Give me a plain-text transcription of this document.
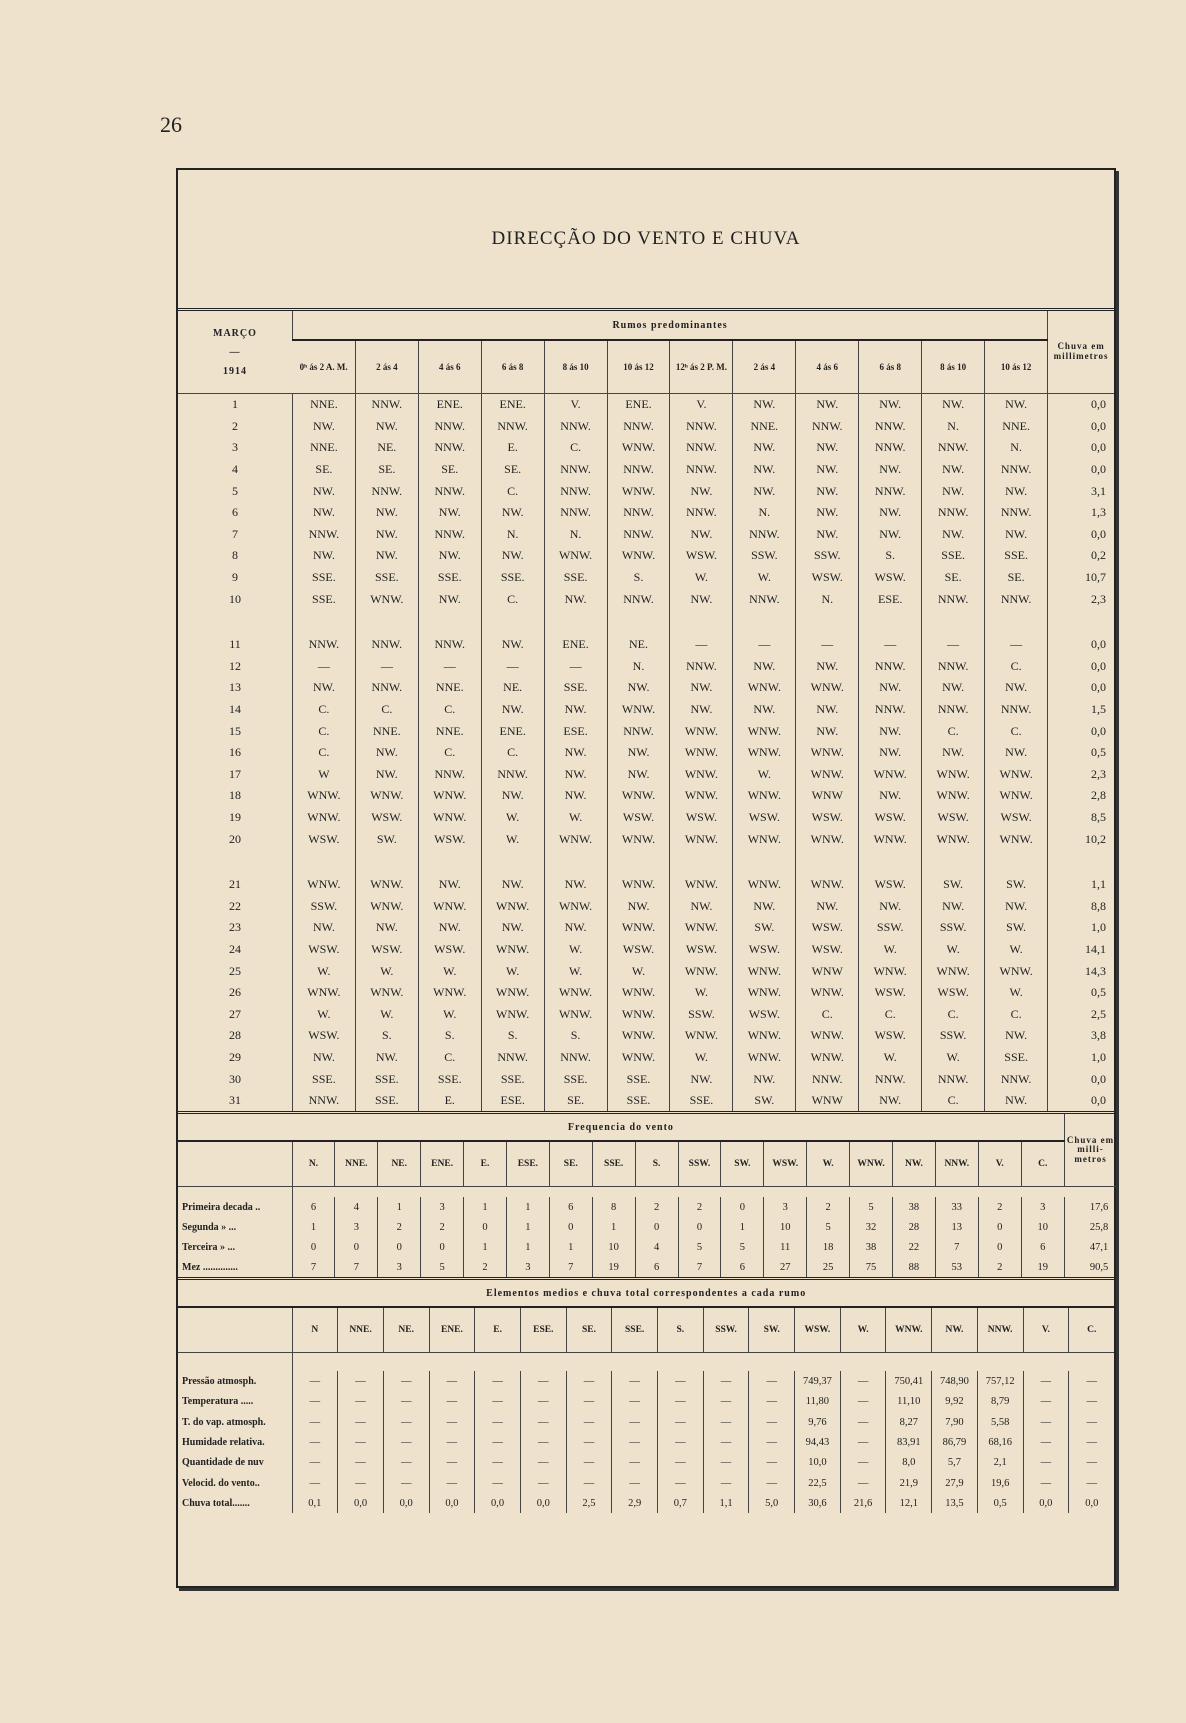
26
DIRECÇÃO DO VENTO E CHUVA
MARÇO
—
1914	Rumos predominantes												Chuva em millimetros
	0ʰ ás 2 A. M.	2 ás 4	4 ás 6	6 ás 8	8 ás 10	10 ás 12	12ʰ ás 2 P. M.	2 ás 4	4 ás 6	6 ás 8	8 ás 10	10 ás 12	
1	NNE.	NNW.	ENE.	ENE.	V.	ENE.	V.	NW.	NW.	NW.	NW.	NW.	0,0
2	NW.	NW.	NNW.	NNW.	NNW.	NNW.	NNW.	NNE.	NNW.	NNW.	N.	NNE.	0,0
3	NNE.	NE.	NNW.	E.	C.	WNW.	NNW.	NW.	NW.	NNW.	NNW.	N.	0,0
4	SE.	SE.	SE.	SE.	NNW.	NNW.	NNW.	NW.	NW.	NW.	NW.	NNW.	0,0
5	NW.	NNW.	NNW.	C.	NNW.	WNW.	NW.	NW.	NW.	NNW.	NW.	NW.	3,1
6	NW.	NW.	NW.	NW.	NNW.	NNW.	NNW.	N.	NW.	NW.	NNW.	NNW.	1,3
7	NNW.	NW.	NNW.	N.	N.	NNW.	NW.	NNW.	NW.	NW.	NW.	NW.	0,0
8	NW.	NW.	NW.	NW.	WNW.	WNW.	WSW.	SSW.	SSW.	S.	SSE.	SSE.	0,2
9	SSE.	SSE.	SSE.	SSE.	SSE.	S.	W.	W.	WSW.	WSW.	SE.	SE.	10,7
10	SSE.	WNW.	NW.	C.	NW.	NNW.	NW.	NNW.	N.	ESE.	NNW.	NNW.	2,3

11	NNW.	NNW.	NNW.	NW.	ENE.	NE.	—	—	—	—	—	—	0,0
12	—	—	—	—	—	N.	NNW.	NW.	NW.	NNW.	NNW.	C.	0,0
13	NW.	NNW.	NNE.	NE.	SSE.	NW.	NW.	WNW.	WNW.	NW.	NW.	NW.	0,0
14	C.	C.	C.	NW.	NW.	WNW.	NW.	NW.	NW.	NNW.	NNW.	NNW.	1,5
15	C.	NNE.	NNE.	ENE.	ESE.	NNW.	WNW.	WNW.	NW.	NW.	C.	C.	0,0
16	C.	NW.	C.	C.	NW.	NW.	WNW.	WNW.	WNW.	NW.	NW.	NW.	0,5
17	W	NW.	NNW.	NNW.	NW.	NW.	WNW.	W.	WNW.	WNW.	WNW.	WNW.	2,3
18	WNW.	WNW.	WNW.	NW.	NW.	WNW.	WNW.	WNW.	WNW	NW.	WNW.	WNW.	2,8
19	WNW.	WSW.	WNW.	W.	W.	WSW.	WSW.	WSW.	WSW.	WSW.	WSW.	WSW.	8,5
20	WSW.	SW.	WSW.	W.	WNW.	WNW.	WNW.	WNW.	WNW.	WNW.	WNW.	WNW.	10,2

21	WNW.	WNW.	NW.	NW.	NW.	WNW.	WNW.	WNW.	WNW.	WSW.	SW.	SW.	1,1
22	SSW.	WNW.	WNW.	WNW.	WNW.	NW.	NW.	NW.	NW.	NW.	NW.	NW.	8,8
23	NW.	NW.	NW.	NW.	NW.	WNW.	WNW.	SW.	WSW.	SSW.	SSW.	SW.	1,0
24	WSW.	WSW.	WSW.	WNW.	W.	WSW.	WSW.	WSW.	WSW.	W.	W.	W.	14,1
25	W.	W.	W.	W.	W.	W.	WNW.	WNW.	WNW	WNW.	WNW.	WNW.	14,3
26	WNW.	WNW.	WNW.	WNW.	WNW.	WNW.	W.	WNW.	WNW.	WSW.	WSW.	W.	0,5
27	W.	W.	W.	WNW.	WNW.	WNW.	SSW.	WSW.	C.	C.	C.	C.	2,5
28	WSW.	S.	S.	S.	S.	WNW.	WNW.	WNW.	WNW.	WSW.	SSW.	NW.	3,8
29	NW.	NW.	C.	NNW.	NNW.	WNW.	W.	WNW.	WNW.	W.	W.	SSE.	1,0
30	SSE.	SSE.	SSE.	SSE.	SSE.	SSE.	NW.	NW.	NNW.	NNW.	NNW.	NNW.	0,0
31	NNW.	SSE.	E.	ESE.	SE.	SSE.	SSE.	SW.	WNW	NW.	C.	NW.	0,0
Frequencia do vento																			Chuva em milli- metros
	N.	NNE.	NE.	ENE.	E.	ESE.	SE.	SSE.	S.	SSW.	SW.	WSW.	W.	WNW.	NW.	NNW.	V.	C.	

Primeira decada ..	6	4	1	3	1	1	6	8	2	2	0	3	2	5	38	33	2	3	17,6
Segunda » ...	1	3	2	2	0	1	0	1	0	0	1	10	5	32	28	13	0	10	25,8
Terceira » ...	0	0	0	0	1	1	1	10	4	5	5	11	18	38	22	7	0	6	47,1
Mez ..............	7	7	3	5	2	3	7	19	6	7	6	27	25	75	88	53	2	19	90,5
Elementos medios e chuva total correspondentes a cada rumo																		
	N	NNE.	NE.	ENE.	E.	ESE.	SE.	SSE.	S.	SSW.	SW.	WSW.	W.	WNW.	NW.	NNW.	V.	C.

Pressão atmosph.	—	—	—	—	—	—	—	—	—	—	—	749,37	—	750,41	748,90	757,12	—	—
Temperatura .....	—	—	—	—	—	—	—	—	—	—	—	11,80	—	11,10	9,92	8,79	—	—
T. do vap. atmosph.	—	—	—	—	—	—	—	—	—	—	—	9,76	—	8,27	7,90	5,58	—	—
Humidade relativa.	—	—	—	—	—	—	—	—	—	—	—	94,43	—	83,91	86,79	68,16	—	—
Quantidade de nuv	—	—	—	—	—	—	—	—	—	—	—	10,0	—	8,0	5,7	2,1	—	—
Velocid. do vento..	—	—	—	—	—	—	—	—	—	—	—	22,5	—	21,9	27,9	19,6	—	—
Chuva total.......	0,1	0,0	0,0	0,0	0,0	0,0	2,5	2,9	0,7	1,1	5,0	30,6	21,6	12,1	13,5	0,5	0,0	0,0
